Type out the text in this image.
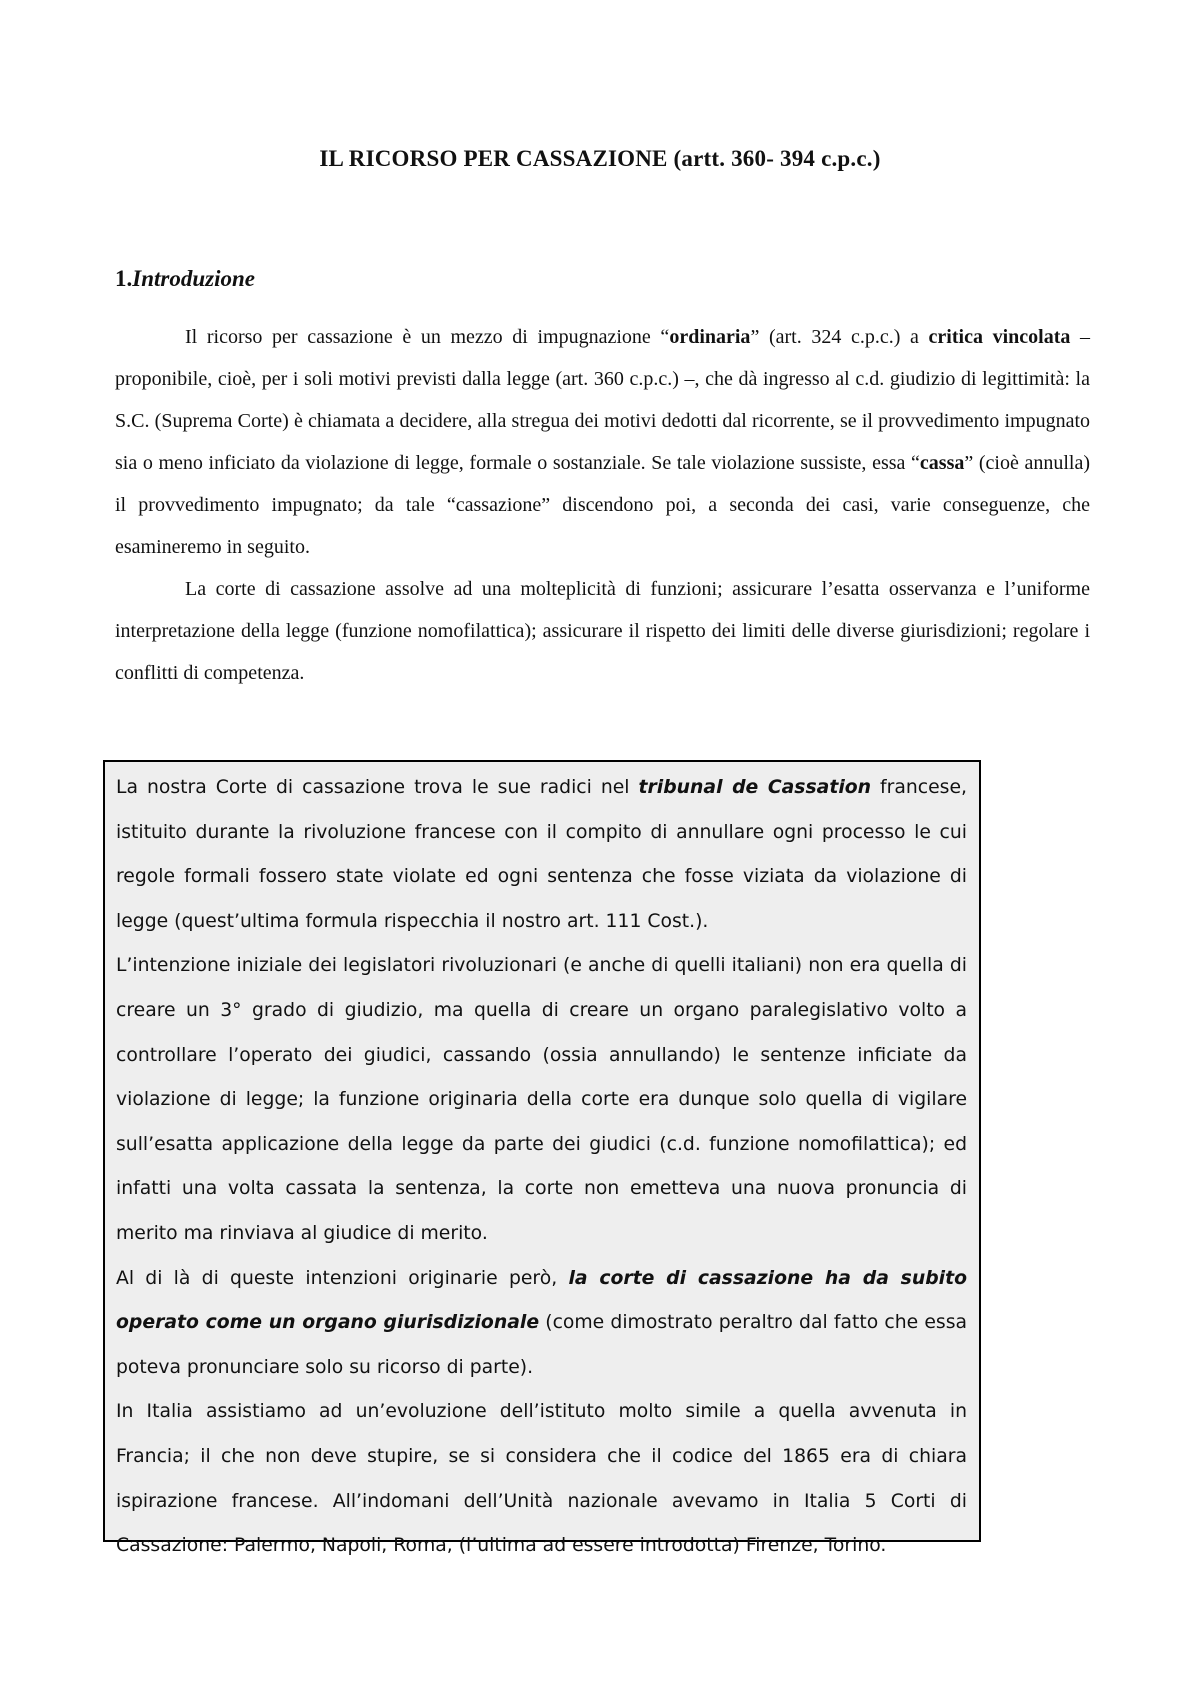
IL RICORSO PER CASSAZIONE (artt. 360- 394 c.p.c.)
1.Introduzione

Il ricorso per cassazione è un mezzo di impugnazione “ordinaria” (art. 324 c.p.c.) a critica vincolata – proponibile, cioè, per i soli motivi previsti dalla legge (art. 360 c.p.c.) –, che dà ingresso al c.d. giudizio di legittimità: la S.C. (Suprema Corte) è chiamata a decidere, alla stregua dei motivi dedotti dal ricorrente, se il provvedimento impugnato sia o meno inficiato da violazione di legge, formale o sostanziale. Se tale violazione sussiste, essa “cassa” (cioè annulla) il provvedimento impugnato; da tale “cassazione” discendono poi, a seconda dei casi, varie conseguenze, che esamineremo in seguito.

La corte di cassazione assolve ad una molteplicità di funzioni; assicurare l’esatta osservanza e l’uniforme interpretazione della legge (funzione nomofilattica); assicurare il rispetto dei limiti delle diverse giurisdizioni; regolare i conflitti di competenza.

La nostra Corte di cassazione trova le sue radici nel tribunal de Cassation francese, istituito durante la rivoluzione francese con il compito di annullare ogni processo le cui regole formali fossero state violate ed ogni sentenza che fosse viziata da violazione di legge (quest’ultima formula rispecchia il nostro art. 111 Cost.).

L’intenzione iniziale dei legislatori rivoluzionari (e anche di quelli italiani) non era quella di creare un 3° grado di giudizio, ma quella di creare un organo paralegislativo volto a controllare l’operato dei giudici, cassando (ossia annullando) le sentenze inficiate da violazione di legge; la funzione originaria della corte era dunque solo quella di vigilare sull’esatta applicazione della legge da parte dei giudici (c.d. funzione nomofilattica); ed infatti una volta cassata la sentenza, la corte non emetteva una nuova pronuncia di merito ma rinviava al giudice di merito.

Al di là di queste intenzioni originarie però, la corte di cassazione ha da subito operato come un organo giurisdizionale (come dimostrato peraltro dal fatto che essa poteva pronunciare solo su ricorso di parte).

In Italia assistiamo ad un’evoluzione dell’istituto molto simile a quella avvenuta in Francia; il che non deve stupire, se si considera che il codice del 1865 era di chiara ispirazione francese. All’indomani dell’Unità nazionale avevamo in Italia 5 Corti di Cassazione: Palermo, Napoli, Roma, (l’ultima ad essere introdotta) Firenze, Torino.
